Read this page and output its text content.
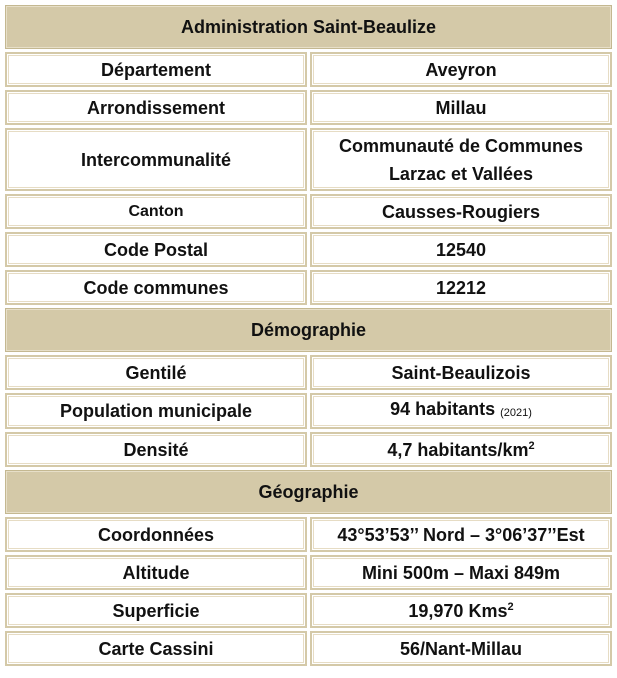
Administration Saint-Beaulize	
Département	Aveyron
Arrondissement	Millau
Intercommunalité	Communauté de Communes
Larzac et Vallées
Canton	Causses-Rougiers
Code Postal	12540
Code communes	12212
Démographie	
Gentilé	Saint-Beaulizois
Population municipale	94 habitants (2021)
Densité	4,7 habitants/$km^2$
Géographie	
Coordonnées	43°53’53’’ Nord – 3°06’37’’Est
Altitude	Mini 500m – Maxi 849m
Superficie	19,970 Kms$^2$
Carte Cassini	56/Nant-Millau
